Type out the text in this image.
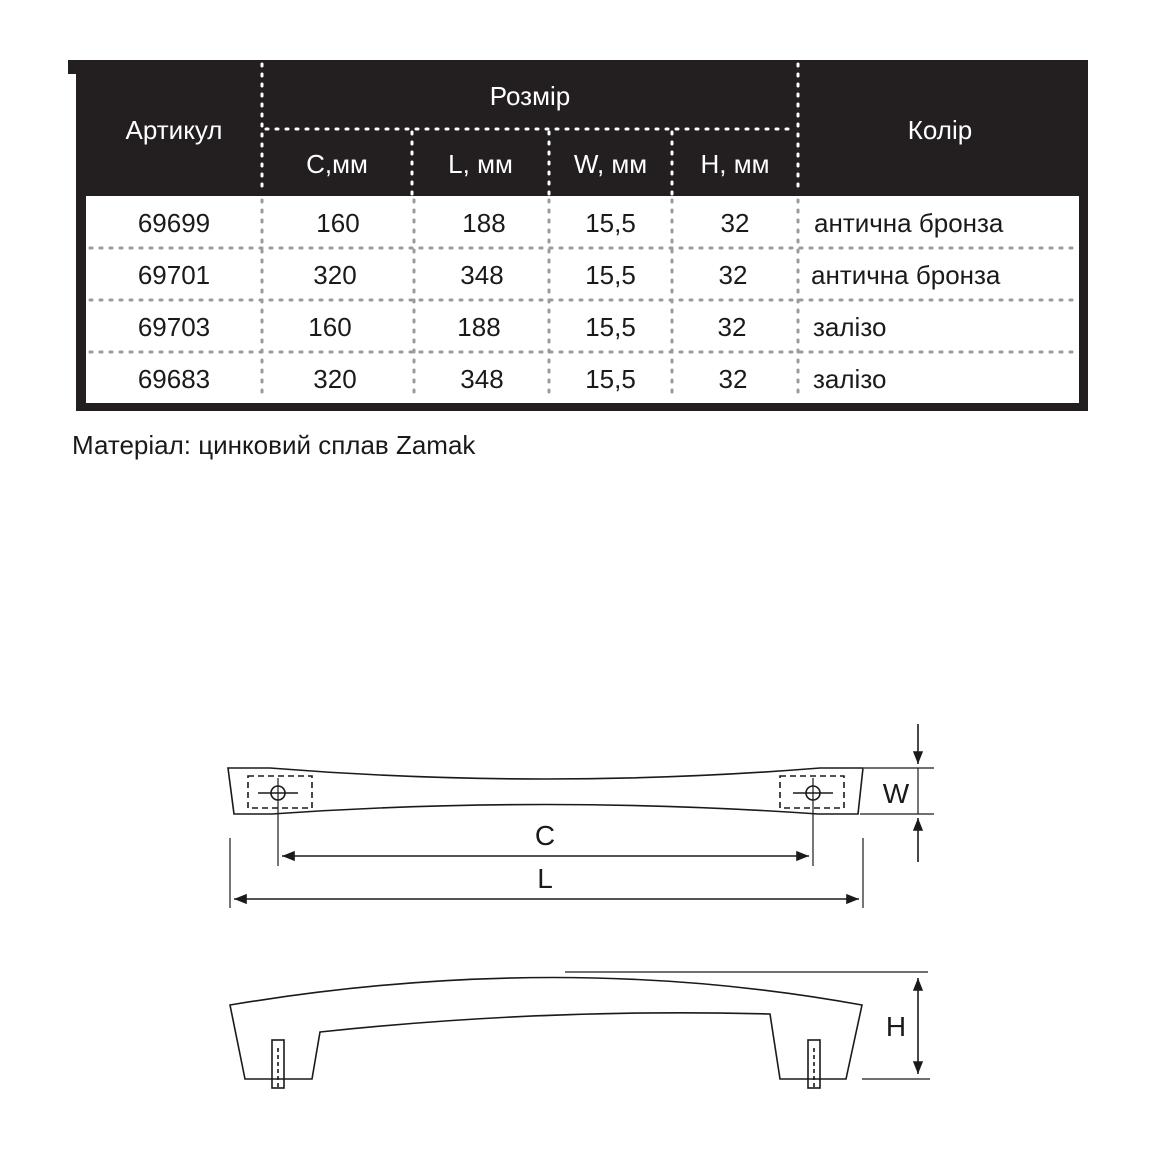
Артикул
Розмір
Колір
C,мм	L, мм	W, мм	H, мм
69699	160	188	15,5	32	антична бронза
69701	320	348	15,5	32	антична бронза
69703	160	188	15,5	32	залізо
69683	320	348	15,5	32	залізо
Матеріал: цинковий сплав Zamak
C
L
W
H
